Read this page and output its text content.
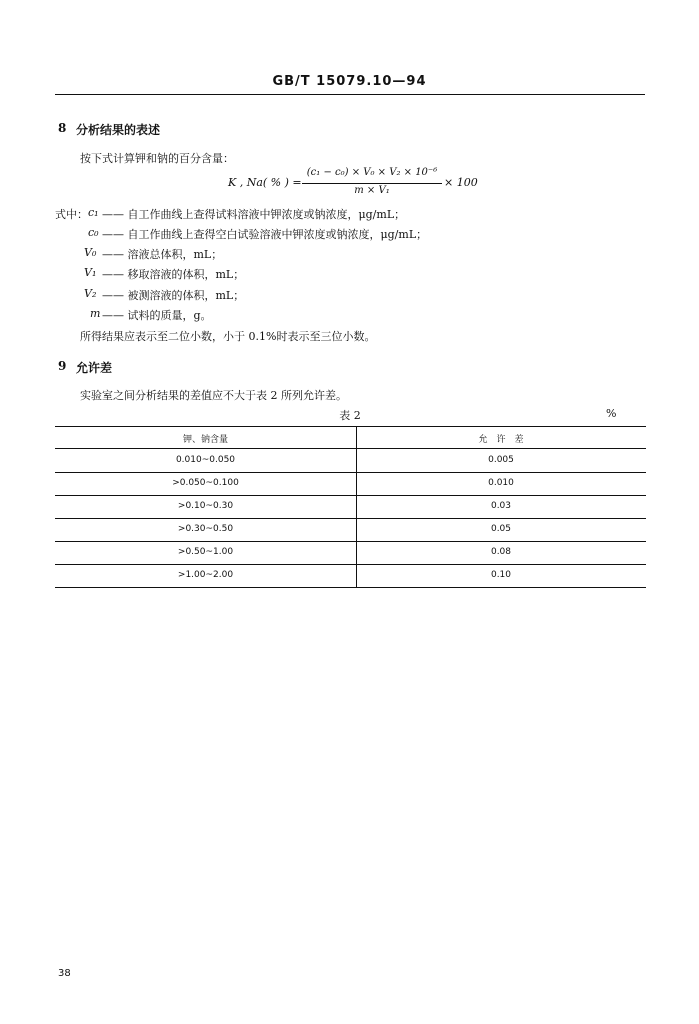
GB/T 15079.10—94
8 分析结果的表述
按下式计算钾和钠的百分含量：
K , Na( % ) =
(c₁ − c₀) × V₀ × V₂ × 10⁻⁶
m × V₁
× 100
式中： c₁ —— 自工作曲线上查得试料溶液中钾浓度或钠浓度，μg/mL；
c₀ —— 自工作曲线上查得空白试验溶液中钾浓度或钠浓度，μg/mL；
V₀ —— 溶液总体积，mL；
V₁ —— 移取溶液的体积，mL；
V₂ —— 被测溶液的体积，mL；
m —— 试料的质量，g。
所得结果应表示至二位小数，小于 0.1%时表示至三位小数。
9 允许差
实验室之间分析结果的差值应不大于表 2 所列允许差。
表 2	%
钾、钠含量	允　许　差
0.010~0.050	0.005
>0.050~0.100	0.010
>0.10~0.30	0.03
>0.30~0.50	0.05
>0.50~1.00	0.08
>1.00~2.00	0.10
38
